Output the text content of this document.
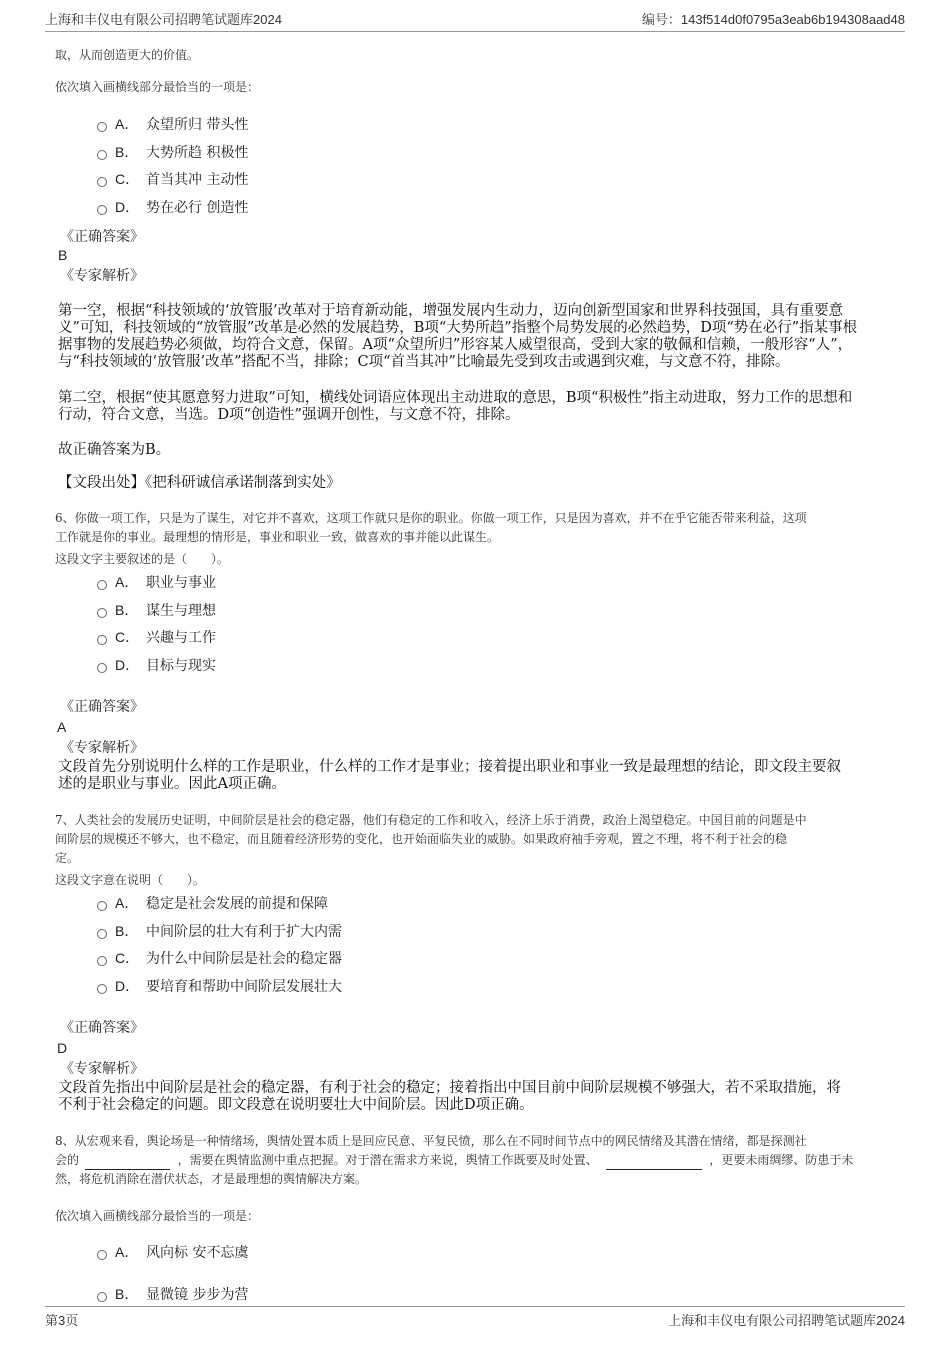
上海和丰仪电有限公司招聘笔试题库2024	编号：143f514d0f0795a3eab6b194308aad48

取，从而创造更大的价值。

依次填入画横线部分最恰当的一项是：

A． 众望所归 带头性
B． 大势所趋 积极性
C． 首当其冲 主动性
D． 势在必行 创造性

《正确答案》

B

《专家解析》

第一空，根据“科技领域的‘放管服’改革对于培育新动能，增强发展内生动力，迈向创新型国家和世界科技强国，具有重要意
义”可知，科技领域的“放管服”改革是必然的发展趋势，B项“大势所趋”指整个局势发展的必然趋势，D项“势在必行”指某事根
据事物的发展趋势必须做，均符合文意，保留。A项“众望所归”形容某人威望很高，受到大家的敬佩和信赖，一般形容“人”，
与“科技领域的‘放管服’改革”搭配不当，排除；C项“首当其冲”比喻最先受到攻击或遇到灾难，与文意不符，排除。
第二空，根据“使其愿意努力进取”可知，横线处词语应体现出主动进取的意思，B项“积极性”指主动进取，努力工作的思想和
行动，符合文意，当选。D项“创造性”强调开创性，与文意不符，排除。

故正确答案为B。

【文段出处】《把科研诚信承诺制落到实处》

6、你做一项工作，只是为了谋生，对它并不喜欢，这项工作就只是你的职业。你做一项工作，只是因为喜欢，并不在乎它能否带来利益，这项
工作就是你的事业。最理想的情形是，事业和职业一致，做喜欢的事并能以此谋生。

这段文字主要叙述的是（　　）。

A． 职业与事业
B． 谋生与理想
C． 兴趣与工作
D． 目标与现实

《正确答案》

A

《专家解析》

文段首先分别说明什么样的工作是职业，什么样的工作才是事业；接着提出职业和事业一致是最理想的结论，即文段主要叙
述的是职业与事业。因此A项正确。
7、人类社会的发展历史证明，中间阶层是社会的稳定器，他们有稳定的工作和收入，经济上乐于消费，政治上渴望稳定。中国目前的问题是中
间阶层的规模还不够大，也不稳定，而且随着经济形势的变化，也开始面临失业的威胁。如果政府袖手旁观，置之不理，将不利于社会的稳
定。

这段文字意在说明（　　）。

A． 稳定是社会发展的前提和保障
B． 中间阶层的壮大有利于扩大内需
C． 为什么中间阶层是社会的稳定器
D． 要培育和帮助中间阶层发展壮大

《正确答案》

D

《专家解析》

文段首先指出中间阶层是社会的稳定器，有利于社会的稳定；接着指出中国目前中间阶层规模不够强大，若不采取措施，将
不利于社会稳定的问题。即文段意在说明要壮大中间阶层。因此D项正确。
8、从宏观来看，舆论场是一种情绪场，舆情处置本质上是回应民意、平复民愤，那么在不同时间节点中的网民情绪及其潜在情绪，都是探测社
会的	，需要在舆情监测中重点把握。对于潜在需求方来说，舆情工作既要及时处置、	，更要未雨绸缪、防患于未
然，将危机消除在潜伏状态，才是最理想的舆情解决方案。

依次填入画横线部分最恰当的一项是：

A． 风向标 安不忘虞
B． 显微镜 步步为营
第3页	上海和丰仪电有限公司招聘笔试题库2024
